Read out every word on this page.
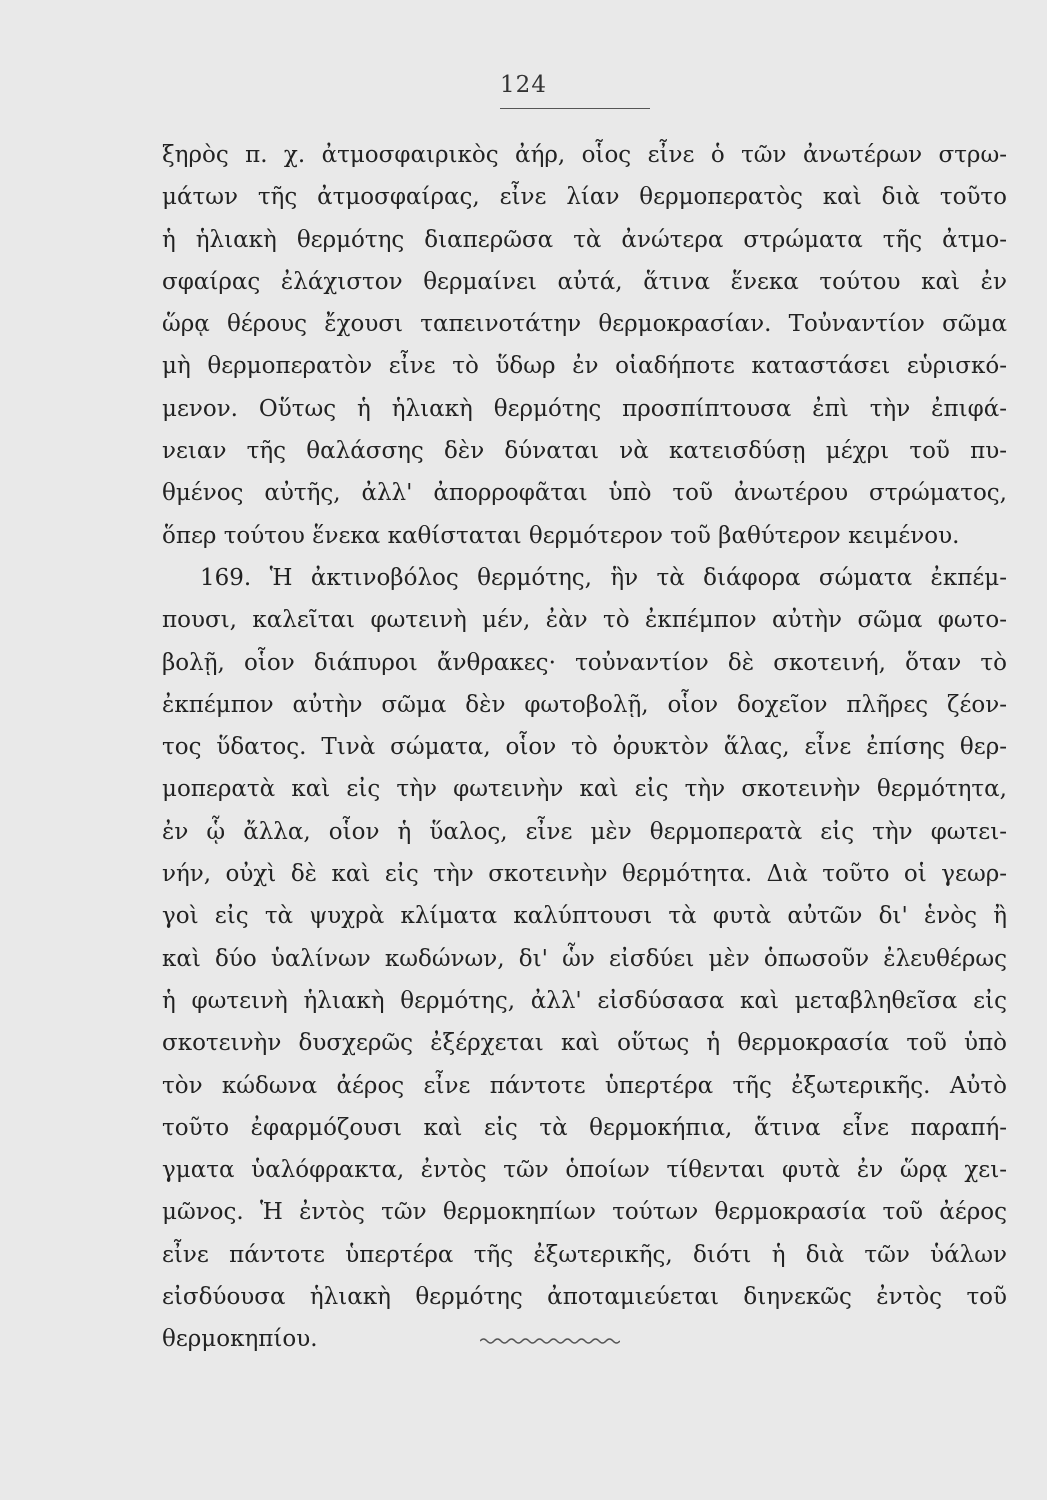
124
ξηρὸς π. χ. ἀτμοσφαιρικὸς ἀήρ, οἷος εἶνε ὁ τῶν ἀνωτέρων στρω-
μάτων τῆς ἀτμοσφαίρας, εἶνε λίαν θερμοπερατὸς καὶ διὰ τοῦτο
ἡ ἡλιακὴ θερμότης διαπερῶσα τὰ ἀνώτερα στρώματα τῆς ἀτμο-
σφαίρας ἐλάχιστον θερμαίνει αὐτά, ἅτινα ἕνεκα τούτου καὶ ἐν
ὥρᾳ θέρους ἔχουσι ταπεινοτάτην θερμοκρασίαν. Τοὐναντίον σῶμα
μὴ θερμοπερατὸν εἶνε τὸ ὕδωρ ἐν οἱαδήποτε καταστάσει εὑρισκό-
μενον. Οὕτως ἡ ἡλιακὴ θερμότης προσπίπτουσα ἐπὶ τὴν ἐπιφά-
νειαν τῆς θαλάσσης δὲν δύναται νὰ κατεισδύσῃ μέχρι τοῦ πυ-
θμένος αὐτῆς, ἀλλ' ἀπορροφᾶται ὑπὸ τοῦ ἀνωτέρου στρώματος,
ὅπερ τούτου ἕνεκα καθίσταται θερμότερον τοῦ βαθύτερον κειμένου.
169. Ἡ ἀκτινοβόλος θερμότης, ἣν τὰ διάφορα σώματα ἐκπέμ-
πουσι, καλεῖται φωτεινὴ μέν, ἐὰν τὸ ἐκπέμπον αὐτὴν σῶμα φωτο-
βολῇ, οἷον διάπυροι ἄνθρακες· τοὐναντίον δὲ σκοτεινή, ὅταν τὸ
ἐκπέμπον αὐτὴν σῶμα δὲν φωτοβολῇ, οἷον δοχεῖον πλῆρες ζέον-
τος ὕδατος. Τινὰ σώματα, οἷον τὸ ὀρυκτὸν ἅλας, εἶνε ἐπίσης θερ-
μοπερατὰ καὶ εἰς τὴν φωτεινὴν καὶ εἰς τὴν σκοτεινὴν θερμότητα,
ἐν ᾧ ἄλλα, οἷον ἡ ὕαλος, εἶνε μὲν θερμοπερατὰ εἰς τὴν φωτει-
νήν, οὐχὶ δὲ καὶ εἰς τὴν σκοτεινὴν θερμότητα. Διὰ τοῦτο οἱ γεωρ-
γοὶ εἰς τὰ ψυχρὰ κλίματα καλύπτουσι τὰ φυτὰ αὐτῶν δι' ἑνὸς ἢ
καὶ δύο ὑαλίνων κωδώνων, δι' ὧν εἰσδύει μὲν ὁπωσοῦν ἐλευθέρως
ἡ φωτεινὴ ἡλιακὴ θερμότης, ἀλλ' εἰσδύσασα καὶ μεταβληθεῖσα εἰς
σκοτεινὴν δυσχερῶς ἐξέρχεται καὶ οὕτως ἡ θερμοκρασία τοῦ ὑπὸ
τὸν κώδωνα ἀέρος εἶνε πάντοτε ὑπερτέρα τῆς ἐξωτερικῆς. Αὐτὸ
τοῦτο ἐφαρμόζουσι καὶ εἰς τὰ θερμοκήπια, ἅτινα εἶνε παραπή-
γματα ὑαλόφρακτα, ἐντὸς τῶν ὁποίων τίθενται φυτὰ ἐν ὥρᾳ χει-
μῶνος. Ἡ ἐντὸς τῶν θερμοκηπίων τούτων θερμοκρασία τοῦ ἀέρος
εἶνε πάντοτε ὑπερτέρα τῆς ἐξωτερικῆς, διότι ἡ διὰ τῶν ὑάλων
εἰσδύουσα ἡλιακὴ θερμότης ἀποταμιεύεται διηνεκῶς ἐντὸς τοῦ
θερμοκηπίου.
